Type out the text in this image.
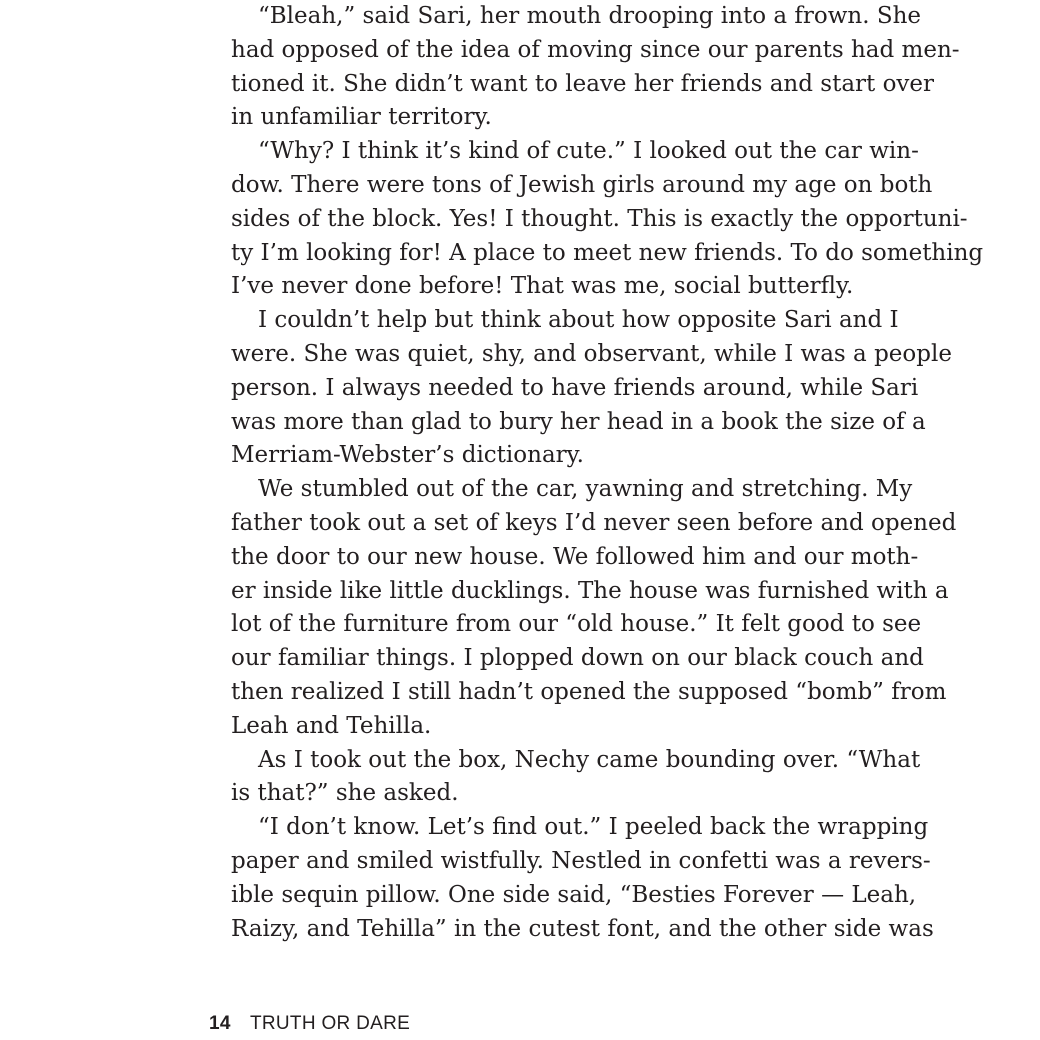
“Bleah,” said Sari, her mouth drooping into a frown. She
had opposed of the idea of moving since our parents had men-
tioned it. She didn’t want to leave her friends and start over
in unfamiliar territory.
“Why? I think it’s kind of cute.” I looked out the car win-
dow. There were tons of Jewish girls around my age on both
sides of the block. Yes! I thought. This is exactly the opportuni-
ty I’m looking for! A place to meet new friends. To do something
I’ve never done before! That was me, social butterfly.
I couldn’t help but think about how opposite Sari and I
were. She was quiet, shy, and observant, while I was a people
person. I always needed to have friends around, while Sari
was more than glad to bury her head in a book the size of a
Merriam-Webster’s dictionary.
We stumbled out of the car, yawning and stretching. My
father took out a set of keys I’d never seen before and opened
the door to our new house. We followed him and our moth-
er inside like little ducklings. The house was furnished with a
lot of the furniture from our “old house.” It felt good to see
our familiar things. I plopped down on our black couch and
then realized I still hadn’t opened the supposed “bomb” from
Leah and Tehilla.
As I took out the box, Nechy came bounding over. “What
is that?” she asked.
“I don’t know. Let’s find out.” I peeled back the wrapping
paper and smiled wistfully. Nestled in confetti was a revers-
ible sequin pillow. One side said, “Besties Forever — Leah,
Raizy, and Tehilla” in the cutest font, and the other side was
14 TRUTH OR DARE
